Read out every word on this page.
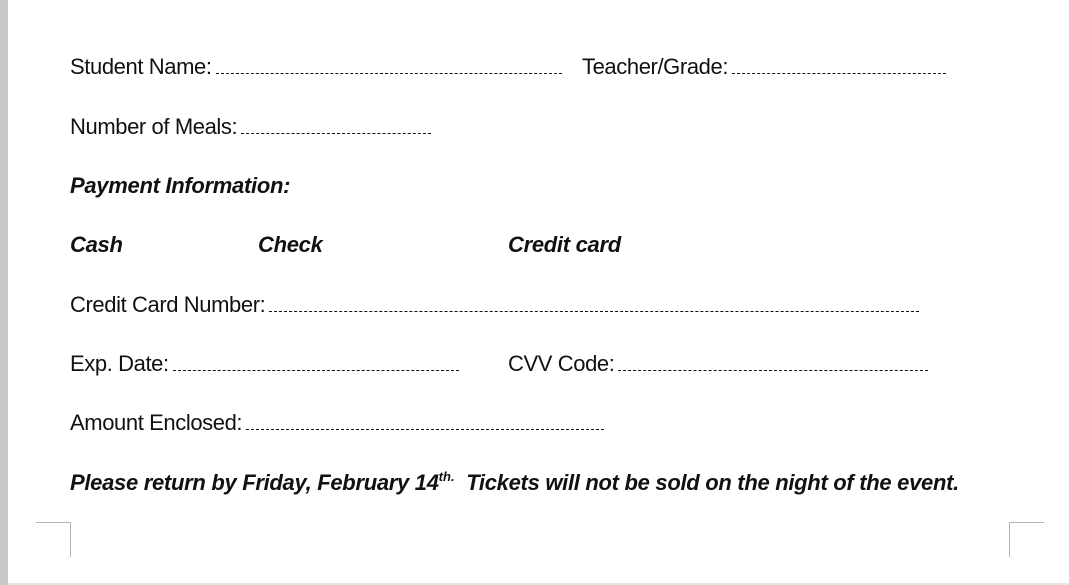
Student Name:	Teacher/Grade:
Number of Meals:
Payment Information:
Cash	Check	Credit card
Credit Card Number:
Exp. Date:	CVV Code:
Amount Enclosed:
Please return by Friday, February $14^{th.}$ Tickets will not be sold on the night of the event.
